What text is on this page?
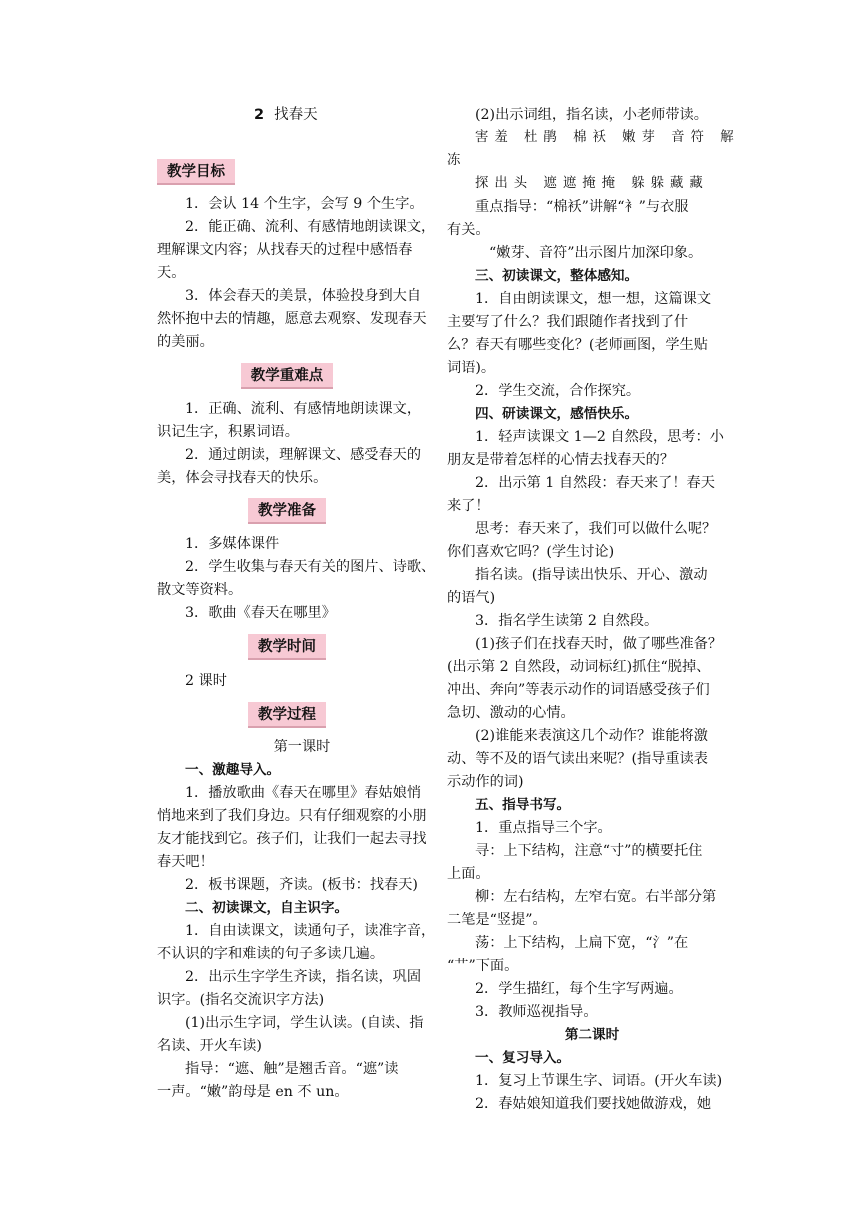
2 找春天
教学目标
1．会认 14 个生字，会写 9 个生字。
2．能正确、流利、有感情地朗读课文，
理解课文内容；从找春天的过程中感悟春
天。
3．体会春天的美景，体验投身到大自
然怀抱中去的情趣，愿意去观察、发现春天
的美丽。
教学重难点
1．正确、流利、有感情地朗读课文，
识记生字，积累词语。
2．通过朗读，理解课文、感受春天的
美，体会寻找春天的快乐。
教学准备
1．多媒体课件
2．学生收集与春天有关的图片、诗歌、
散文等资料。
3．歌曲《春天在哪里》
教学时间
2 课时
教学过程
第一课时
一、激趣导入。
1．播放歌曲《春天在哪里》春姑娘悄
悄地来到了我们身边。只有仔细观察的小朋
友才能找到它。孩子们，让我们一起去寻找
春天吧！
2．板书课题，齐读。(板书：找春天)
二、初读课文，自主识字。
1．自由读课文，读通句子，读准字音，
不认识的字和难读的句子多读几遍。
2．出示生字学生齐读，指名读，巩固
识字。(指名交流识字方法)
(1)出示生字词，学生认读。(自读、指
名读、开火车读)
指导：“遮、触”是翘舌音。“遮”读
一声。“嫩”韵母是 en 不 un。
(2)出示词组，指名读，小老师带读。
害羞 杜鹃 棉袄 嫩芽 音符 解
冻
探出头 遮遮掩掩 躲躲藏藏
重点指导：“棉袄”讲解“衤”与衣服
有关。
“嫩芽、音符”出示图片加深印象。
三、初读课文，整体感知。
1．自由朗读课文，想一想，这篇课文
主要写了什么？我们跟随作者找到了什
么？春天有哪些变化？(老师画图，学生贴
词语)。
2．学生交流，合作探究。
四、研读课文，感悟快乐。
1．轻声读课文 1—2 自然段，思考：小
朋友是带着怎样的心情去找春天的？
2．出示第 1 自然段：春天来了！春天
来了！
思考：春天来了，我们可以做什么呢？
你们喜欢它吗？(学生讨论)
指名读。(指导读出快乐、开心、激动
的语气)
3．指名学生读第 2 自然段。
(1)孩子们在找春天时，做了哪些准备？
(出示第 2 自然段，动词标红)抓住“脱掉、
冲出、奔向”等表示动作的词语感受孩子们
急切、激动的心情。
(2)谁能来表演这几个动作？谁能将激
动、等不及的语气读出来呢？(指导重读表
示动作的词)
五、指导书写。
1．重点指导三个字。
寻：上下结构，注意“寸”的横要托住
上面。
柳：左右结构，左窄右宽。右半部分第
二笔是“竖提”。
荡：上下结构，上扁下宽，“氵”在
“艹”下面。
2．学生描红，每个生字写两遍。
3．教师巡视指导。
第二课时
一、复习导入。
1．复习上节课生字、词语。(开火车读)
2．春姑娘知道我们要找她做游戏，她
